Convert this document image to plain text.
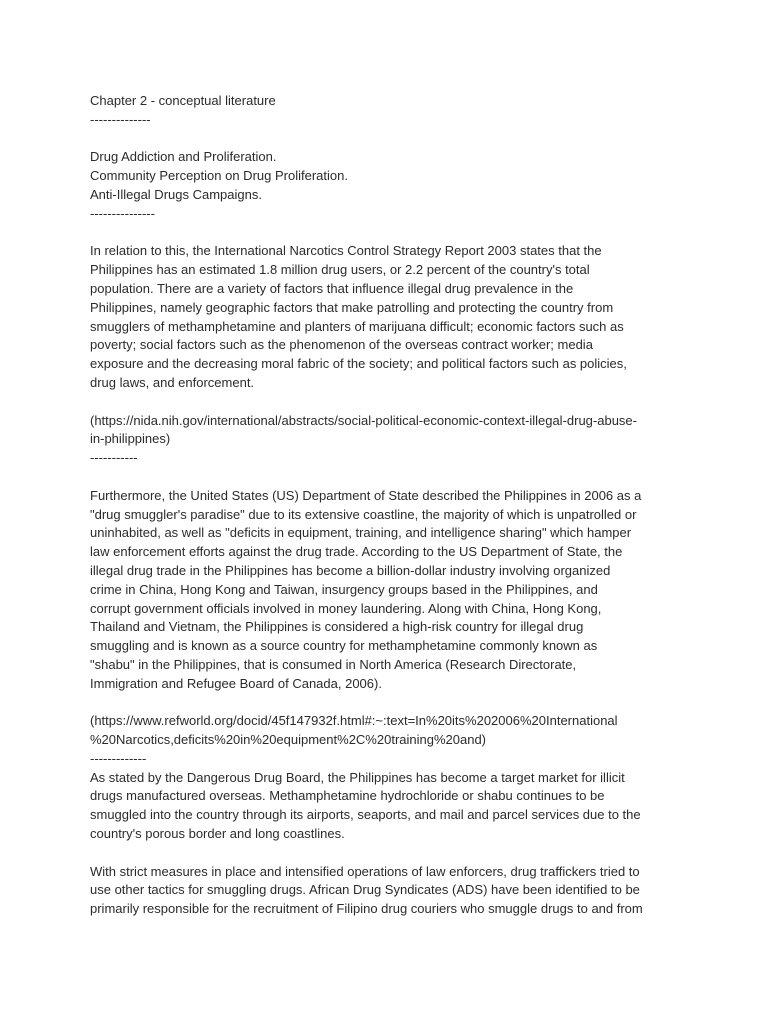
Chapter 2 - conceptual literature
--------------
Drug Addiction and Proliferation.
Community Perception on Drug Proliferation.
Anti-Illegal Drugs Campaigns.
---------------
In relation to this, the International Narcotics Control Strategy Report 2003 states that the
Philippines has an estimated 1.8 million drug users, or 2.2 percent of the country's total
population. There are a variety of factors that influence illegal drug prevalence in the
Philippines, namely geographic factors that make patrolling and protecting the country from
smugglers of methamphetamine and planters of marijuana difficult; economic factors such as
poverty; social factors such as the phenomenon of the overseas contract worker; media
exposure and the decreasing moral fabric of the society; and political factors such as policies,
drug laws, and enforcement.
(https://nida.nih.gov/international/abstracts/social-political-economic-context-illegal-drug-abuse-
in-philippines)
-----------
Furthermore, the United States (US) Department of State described the Philippines in 2006 as a
"drug smuggler's paradise" due to its extensive coastline, the majority of which is unpatrolled or
uninhabited, as well as "deficits in equipment, training, and intelligence sharing" which hamper
law enforcement efforts against the drug trade. According to the US Department of State, the
illegal drug trade in the Philippines has become a billion-dollar industry involving organized
crime in China, Hong Kong and Taiwan, insurgency groups based in the Philippines, and
corrupt government officials involved in money laundering. Along with China, Hong Kong,
Thailand and Vietnam, the Philippines is considered a high-risk country for illegal drug
smuggling and is known as a source country for methamphetamine commonly known as
"shabu" in the Philippines, that is consumed in North America (Research Directorate,
Immigration and Refugee Board of Canada, 2006).
(https://www.refworld.org/docid/45f147932f.html#:~:text=In%20its%202006%20International
%20Narcotics,deficits%20in%20equipment%2C%20training%20and)
-------------
As stated by the Dangerous Drug Board, the Philippines has become a target market for illicit
drugs manufactured overseas. Methamphetamine hydrochloride or shabu continues to be
smuggled into the country through its airports, seaports, and mail and parcel services due to the
country's porous border and long coastlines.
With strict measures in place and intensified operations of law enforcers, drug traffickers tried to
use other tactics for smuggling drugs. African Drug Syndicates (ADS) have been identified to be
primarily responsible for the recruitment of Filipino drug couriers who smuggle drugs to and from
